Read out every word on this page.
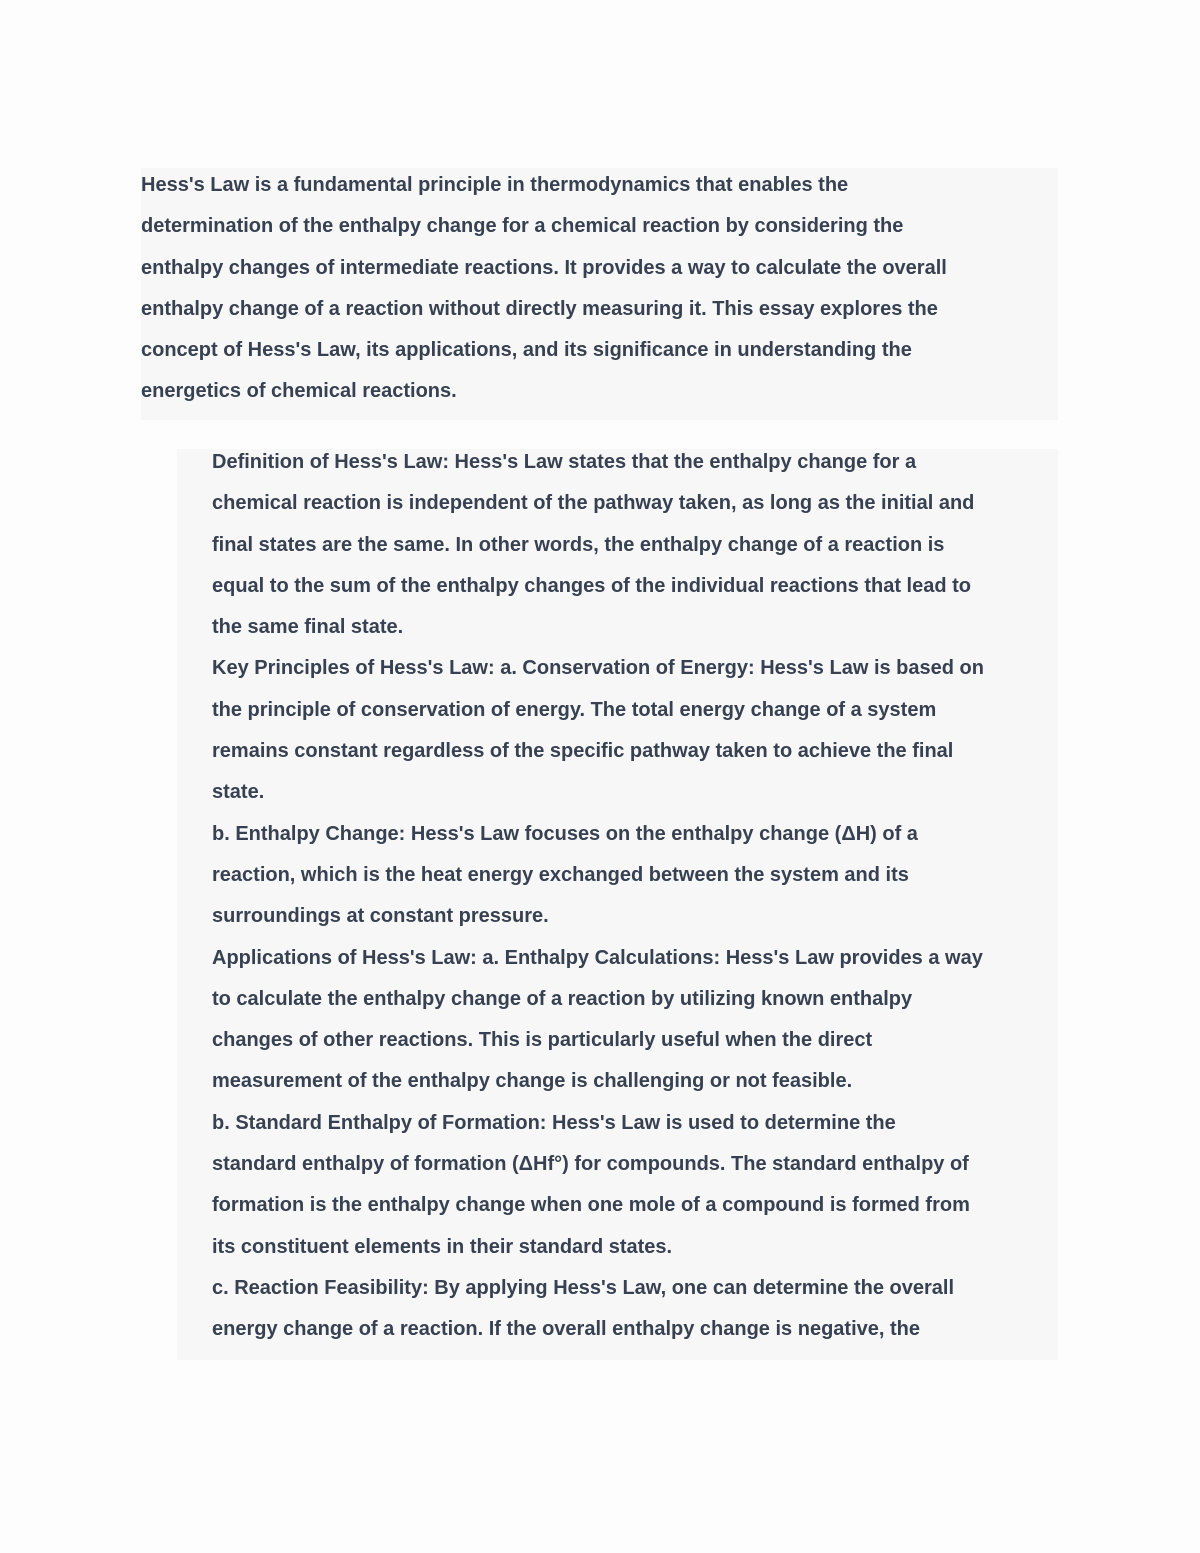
Hess's Law is a fundamental principle in thermodynamics that enables the
determination of the enthalpy change for a chemical reaction by considering the
enthalpy changes of intermediate reactions. It provides a way to calculate the overall
enthalpy change of a reaction without directly measuring it. This essay explores the
concept of Hess's Law, its applications, and its significance in understanding the
energetics of chemical reactions.
Definition of Hess's Law: Hess's Law states that the enthalpy change for a
chemical reaction is independent of the pathway taken, as long as the initial and
final states are the same. In other words, the enthalpy change of a reaction is
equal to the sum of the enthalpy changes of the individual reactions that lead to
the same final state.
Key Principles of Hess's Law: a. Conservation of Energy: Hess's Law is based on
the principle of conservation of energy. The total energy change of a system
remains constant regardless of the specific pathway taken to achieve the final
state.
b. Enthalpy Change: Hess's Law focuses on the enthalpy change (ΔH) of a
reaction, which is the heat energy exchanged between the system and its
surroundings at constant pressure.
Applications of Hess's Law: a. Enthalpy Calculations: Hess's Law provides a way
to calculate the enthalpy change of a reaction by utilizing known enthalpy
changes of other reactions. This is particularly useful when the direct
measurement of the enthalpy change is challenging or not feasible.
b. Standard Enthalpy of Formation: Hess's Law is used to determine the
standard enthalpy of formation (ΔHf°) for compounds. The standard enthalpy of
formation is the enthalpy change when one mole of a compound is formed from
its constituent elements in their standard states.
c. Reaction Feasibility: By applying Hess's Law, one can determine the overall
energy change of a reaction. If the overall enthalpy change is negative, the
